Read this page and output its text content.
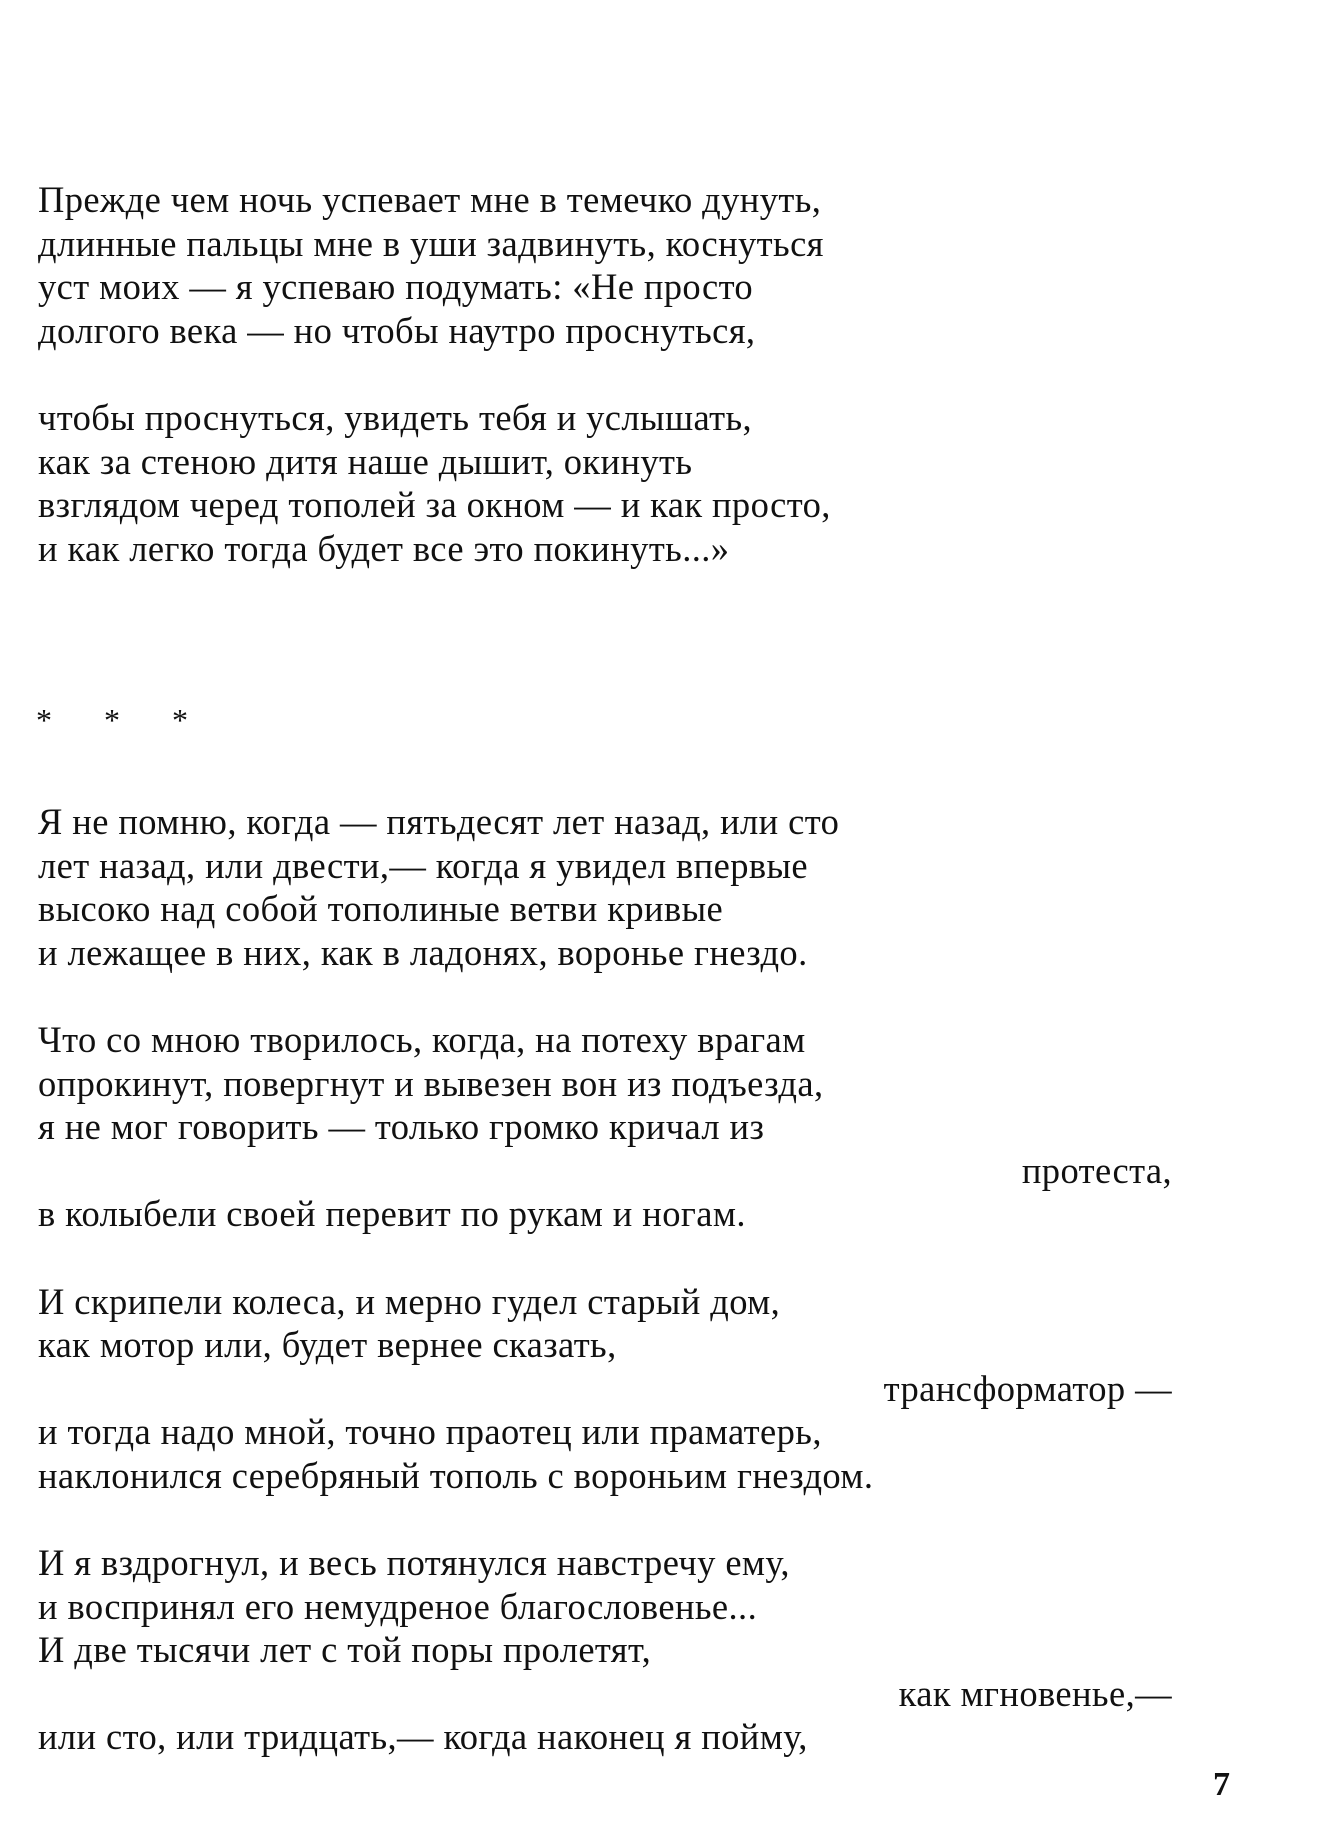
Прежде чем ночь успевает мне в темечко дунуть,
длинные пальцы мне в уши задвинуть, коснуться
уст моих — я успеваю подумать: «Не просто
долгого века — но чтобы наутро проснуться,
чтобы проснуться, увидеть тебя и услышать,
как за стеною дитя наше дышит, окинуть
взглядом черед тополей за окном — и как просто,
и как легко тогда будет все это покинуть...»
* * *
Я не помню, когда — пятьдесят лет назад, или сто
лет назад, или двести,— когда я увидел впервые
высоко над собой тополиные ветви кривые
и лежащее в них, как в ладонях, воронье гнездо.
Что со мною творилось, когда, на потеху врагам
опрокинут, повергнут и вывезен вон из подъезда,
я не мог говорить — только громко кричал из
протеста,
в колыбели своей перевит по рукам и ногам.
И скрипели колеса, и мерно гудел старый дом,
как мотор или, будет вернее сказать,
трансформатор —
и тогда надо мной, точно праотец или праматерь,
наклонился серебряный тополь с вороньим гнездом.
И я вздрогнул, и весь потянулся навстречу ему,
и воспринял его немудреное благословенье...
И две тысячи лет с той поры пролетят,
как мгновенье,—
или сто, или тридцать,— когда наконец я пойму,
7
